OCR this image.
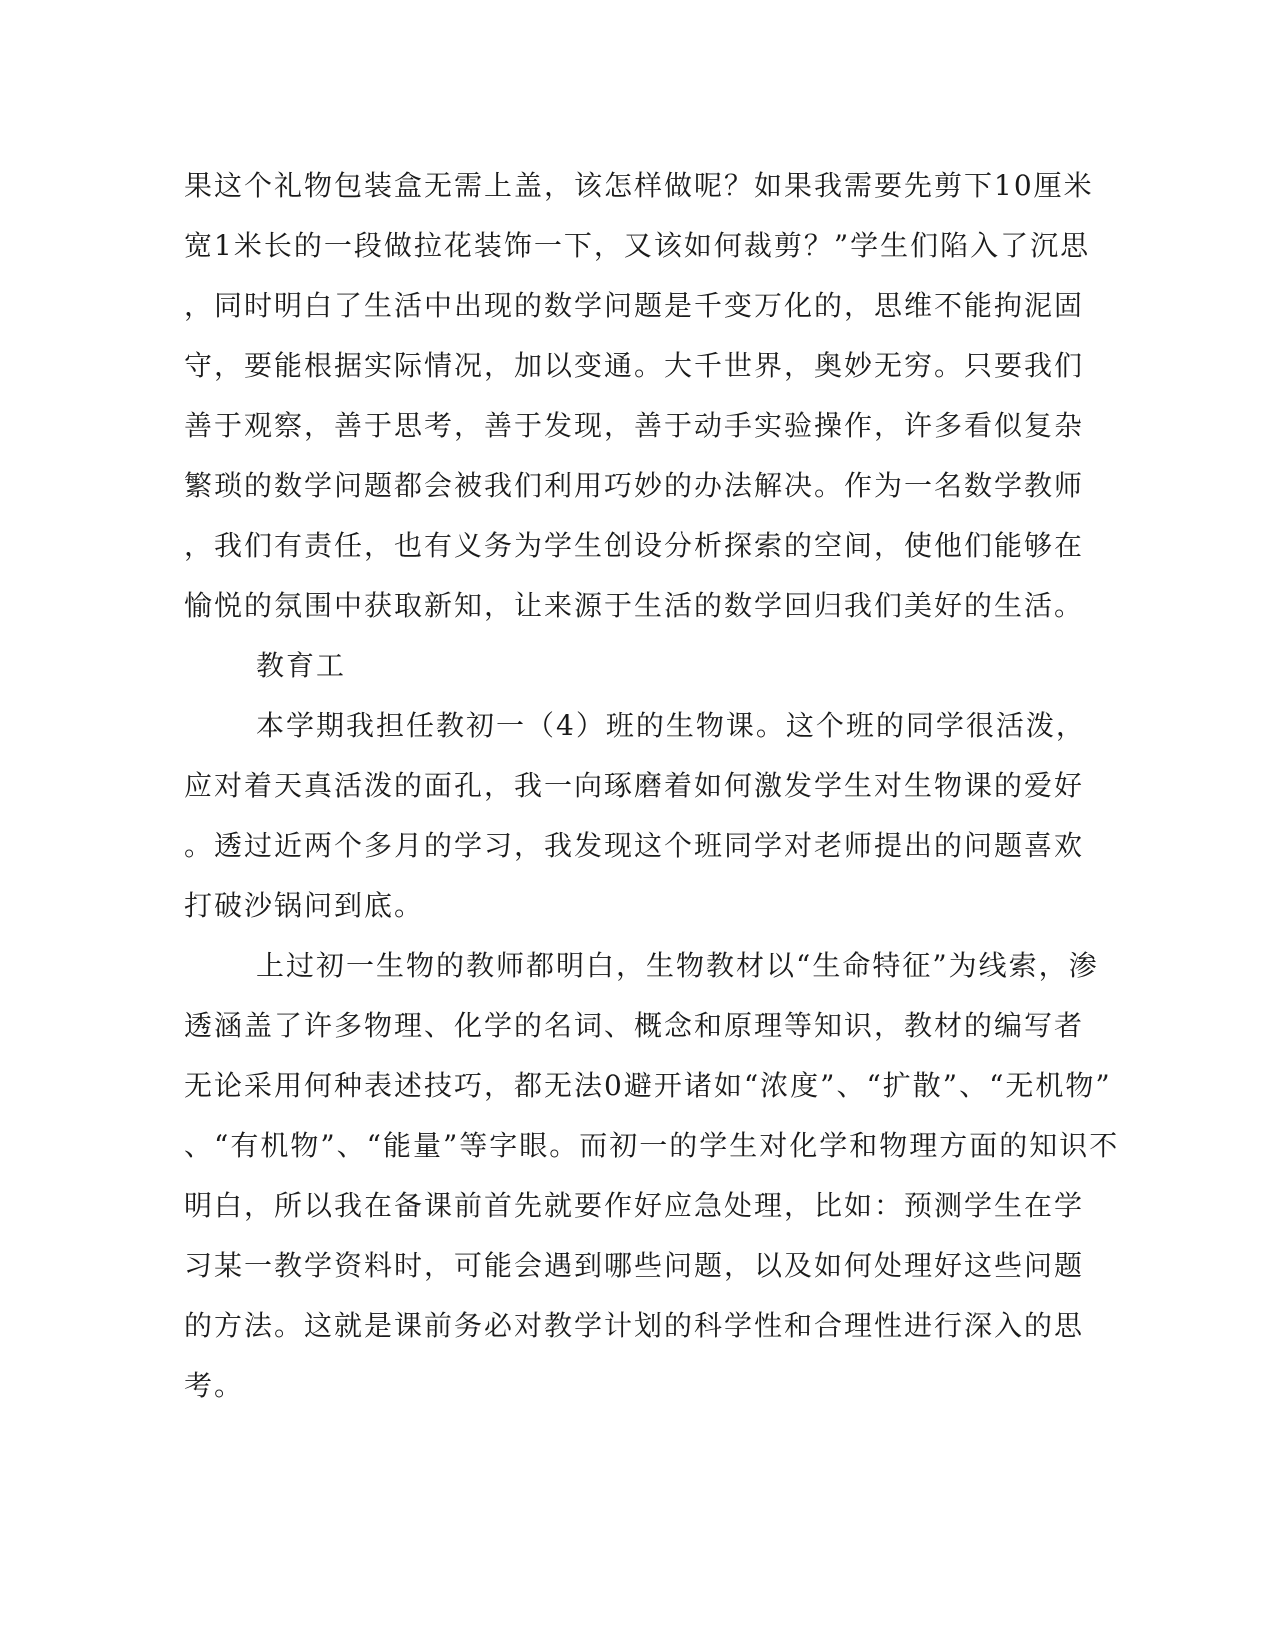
果这个礼物包装盒无需上盖，该怎样做呢？如果我需要先剪下10厘米
宽1米长的一段做拉花装饰一下，又该如何裁剪？”学生们陷入了沉思
，同时明白了生活中出现的数学问题是千变万化的，思维不能拘泥固
守，要能根据实际情况，加以变通。大千世界，奥妙无穷。只要我们
善于观察，善于思考，善于发现，善于动手实验操作，许多看似复杂
繁琐的数学问题都会被我们利用巧妙的办法解决。作为一名数学教师
，我们有责任，也有义务为学生创设分析探索的空间，使他们能够在
愉悦的氛围中获取新知，让来源于生活的数学回归我们美好的生活。
教育工
本学期我担任教初一（4）班的生物课。这个班的同学很活泼，
应对着天真活泼的面孔，我一向琢磨着如何激发学生对生物课的爱好
。透过近两个多月的学习，我发现这个班同学对老师提出的问题喜欢
打破沙锅问到底。
上过初一生物的教师都明白，生物教材以“生命特征”为线索，渗
透涵盖了许多物理、化学的名词、概念和原理等知识，教材的编写者
无论采用何种表述技巧，都无法0避开诸如“浓度”、“扩散”、“无机物”
、“有机物”、“能量”等字眼。而初一的学生对化学和物理方面的知识不
明白，所以我在备课前首先就要作好应急处理，比如：预测学生在学
习某一教学资料时，可能会遇到哪些问题，以及如何处理好这些问题
的方法。这就是课前务必对教学计划的科学性和合理性进行深入的思
考。
